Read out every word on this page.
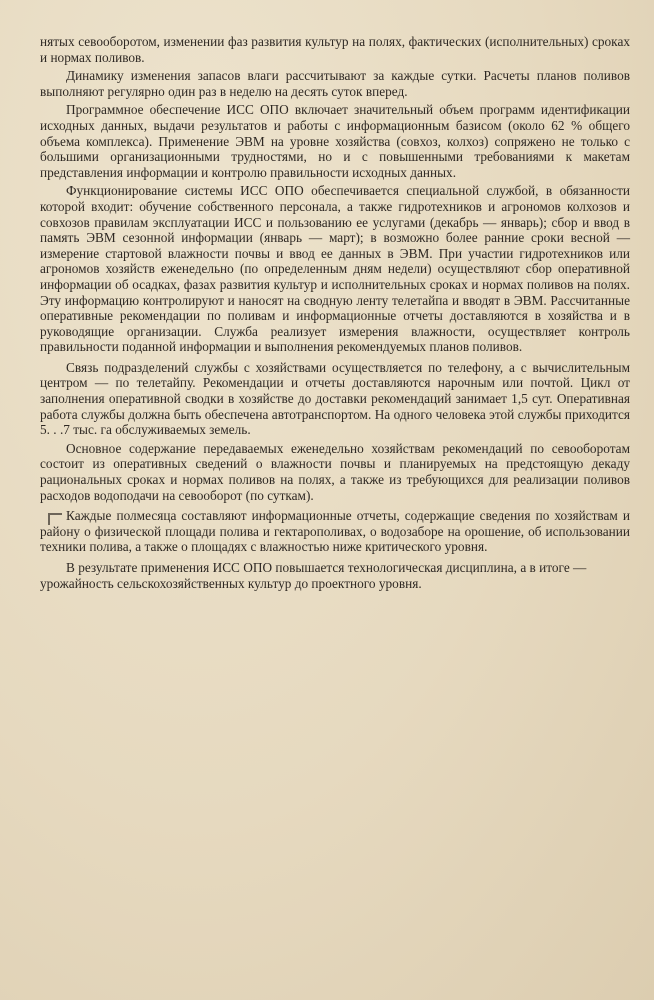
нятых севооборотом, изменении фаз развития культур на полях, фактических (исполнительных) сроках и нормах поливов.

Динамику изменения запасов влаги рассчитывают за каждые сутки. Расчеты планов поливов выполняют регулярно один раз в неделю на десять суток вперед.

Программное обеспечение ИСС ОПО включает значительный объем программ идентификации исходных данных, выдачи результатов и работы с информационным базисом (около 62 % общего объема комплекса). Применение ЭВМ на уровне хозяйства (совхоз, колхоз) сопряжено не только с большими организационными трудностями, но и с повышенными требованиями к макетам представления информации и контролю правильности исходных данных.

Функционирование системы ИСС ОПО обеспечивается специальной службой, в обязанности которой входит: обучение собственного персонала, а также гидротехников и агрономов колхозов и совхозов правилам эксплуатации ИСС и пользованию ее услугами (декабрь — январь); сбор и ввод в память ЭВМ сезонной информации (январь — март); в возможно более ранние сроки весной — измерение стартовой влажности почвы и ввод ее данных в ЭВМ. При участии гидротехников или агрономов хозяйств еженедельно (по определенным дням недели) осуществляют сбор оперативной информации об осадках, фазах развития культур и исполнительных сроках и нормах поливов на полях. Эту информацию контролируют и наносят на сводную ленту телетайпа и вводят в ЭВМ. Рассчитанные оперативные рекомендации по поливам и информационные отчеты доставляются в хозяйства и в руководящие организации. Служба реализует измерения влажности, осуществляет контроль правильности поданной информации и выполнения рекомендуемых планов поливов.

Связь подразделений службы с хозяйствами осуществляется по телефону, а с вычислительным центром — по телетайпу. Рекомендации и отчеты доставляются нарочным или почтой. Цикл от заполнения оперативной сводки в хозяйстве до доставки рекомендаций занимает 1,5 сут. Оперативная работа службы должна быть обеспечена автотранспортом. На одного человека этой службы приходится 5. . .7 тыс. га обслуживаемых земель.

Основное содержание передаваемых еженедельно хозяйствам рекомендаций по севооборотам состоит из оперативных сведений о влажности почвы и планируемых на предстоящую декаду рациональных сроках и нормах поливов на полях, а также из требующихся для реализации поливов расходов водоподачи на севооборот (по суткам).

Каждые полмесяца составляют информационные отчеты, содержащие сведения по хозяйствам и району о физической площади полива и гектарополивах, о водозаборе на орошение, об использовании техники полива, а также о площадях с влажностью ниже критического уровня.

В результате применения ИСС ОПО повышается технологическая дисциплина, а в итоге — урожайность сельскохозяйственных культур до проектного уровня.
